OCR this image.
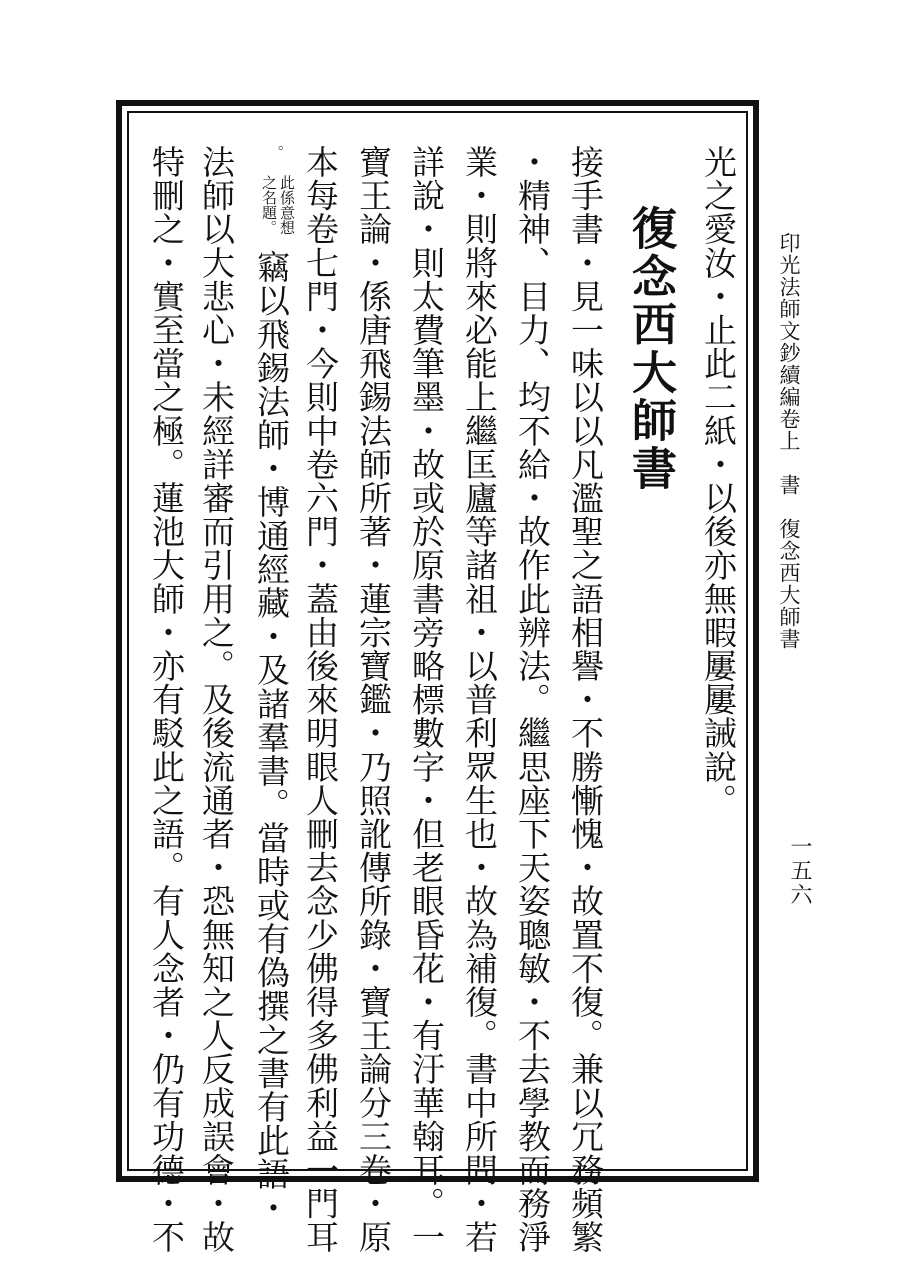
印光法師文鈔續編卷上　書　復念西大師書
一五六
復念西大師書 光之愛汝・止此二紙・以後亦無暇屢屢誡說。
接手書・見一味以以凡濫聖之語相譽・不勝慚愧・故置不復。兼以冗務頻繁
・精神、目力、均不給・故作此辨法。繼思座下天姿聰敏・不去學教而務淨
業・則將來必能上繼匡廬等諸祖・以普利眾生也・故為補復。書中所問・若
詳說・則太費筆墨・故或於原書旁略標數字・但老眼昏花・有汙華翰耳。一
寶王論・係唐飛錫法師所著・蓮宗寶鑑・乃照訛傳所錄・寶王論分三卷・原
本每卷七門・今則中卷六門・蓋由後來明眼人刪去念少佛得多佛利益一門耳
。
此係意想
之名題。
竊以飛錫法師・博通經藏・及諸羣書。當時或有偽撰之書有此語・
法師以大悲心・未經詳審而引用之。及後流通者・恐無知之人反成誤會・故
特刪之・實至當之極。蓮池大師・亦有駁此之語。有人念者・仍有功德・不
